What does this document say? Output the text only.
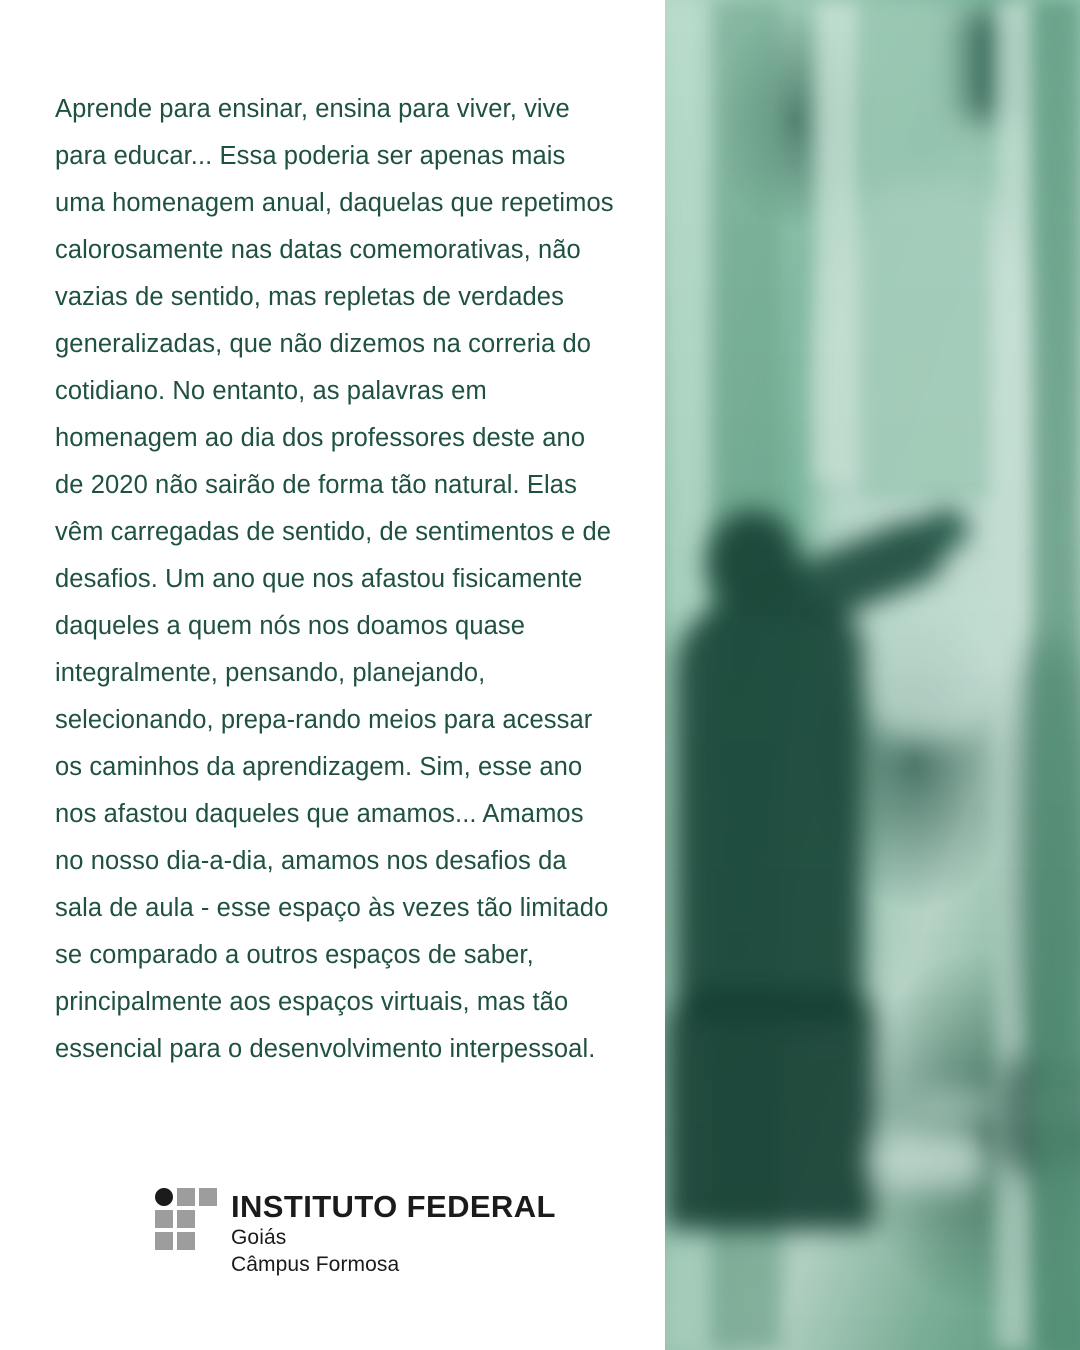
Aprende para ensinar, ensina para viver, vive para educar... Essa poderia ser apenas mais uma homenagem anual, daquelas que repetimos calorosamente nas datas comemorativas, não vazias de sentido, mas repletas de verdades generalizadas, que não dizemos na correria do cotidiano. No entanto, as palavras em homenagem ao dia dos professores deste ano de 2020 não sairão de forma tão natural. Elas vêm carregadas de sentido, de sentimentos e de desafios. Um ano que nos afastou fisicamente daqueles a quem nós nos doamos quase integralmente, pensando, planejando, selecionando, prepa-rando meios para acessar os caminhos da aprendizagem. Sim, esse ano nos afastou daqueles que amamos... Amamos no nosso dia-a-dia, amamos nos desafios da sala de aula - esse espaço às vezes tão limitado se comparado a outros espaços de saber, principalmente aos espaços virtuais, mas tão essencial para o desenvolvimento interpessoal.

INSTITUTO FEDERAL
Goiás
Câmpus Formosa
